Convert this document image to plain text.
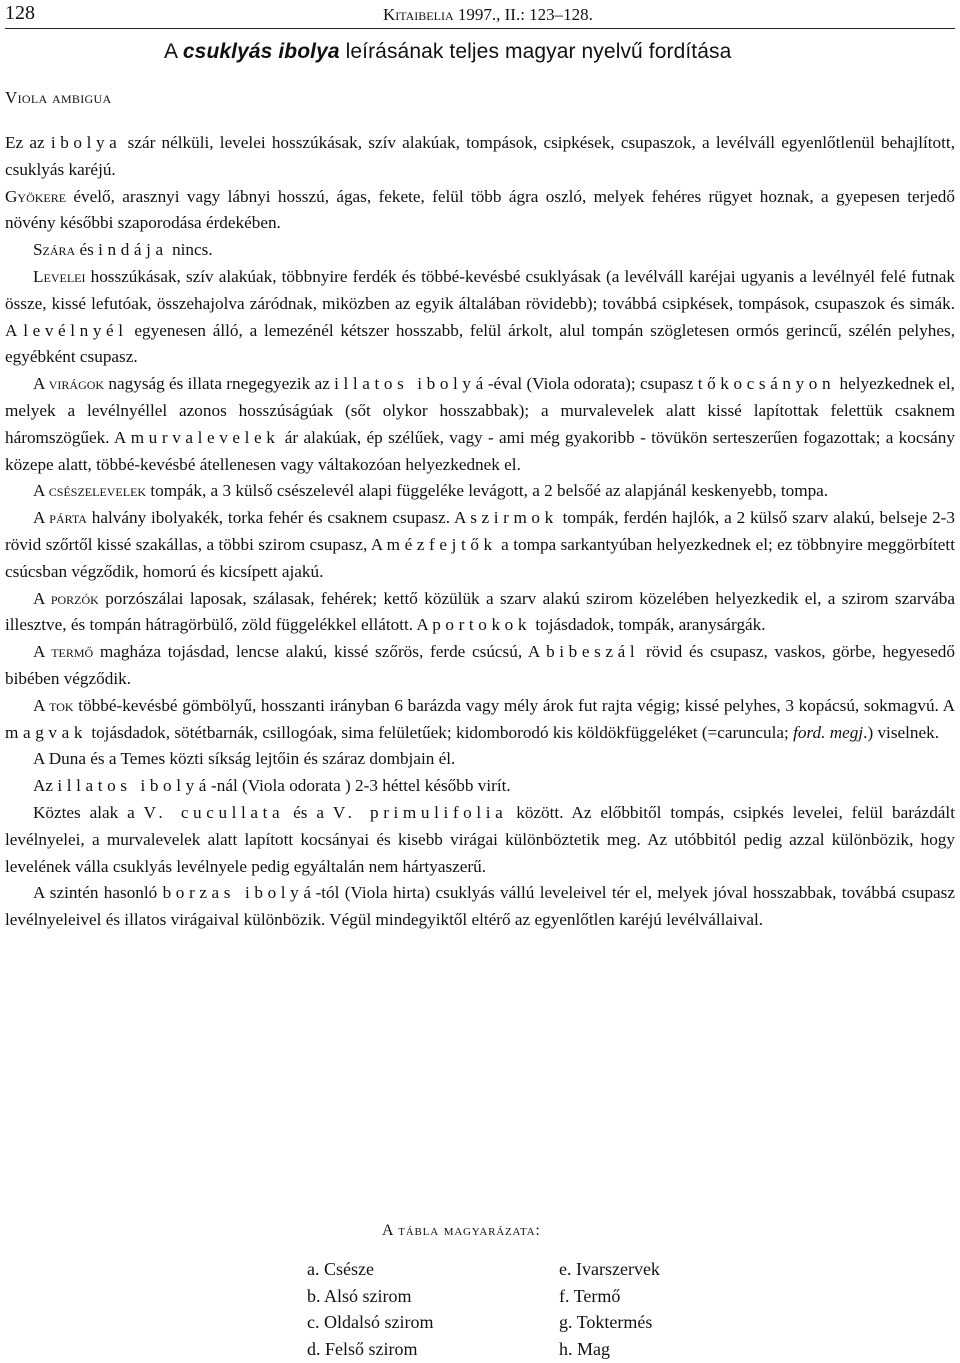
128	Kitaibelia 1997., II.: 123–128.
A csuklyás ibolya leírásának teljes magyar nyelvű fordítása
Viola ambigua

Ez az ibolya szár nélküli, levelei hosszúkásak, szív alakúak, tompások, csipkések, csupaszok, a levélváll egyenlőtlenül behajlított, csuklyás karéjú.

Gyökere évelő, arasznyi vagy lábnyi hosszú, ágas, fekete, felül több ágra oszló, melyek fehéres rügyet hoznak, a gyepesen terjedő növény későbbi szaporodása érdekében.

Szára és indája nincs.

Levelei hosszúkásak, szív alakúak, többnyire ferdék és többé-kevésbé csuklyásak (a levélváll karéjai ugyanis a levélnyél felé futnak össze, kissé lefutóak, összehajolva záródnak, miközben az egyik általában rövidebb); továbbá csipkések, tompások, csupaszok és simák. A levélnyél egyenesen álló, a lemezénél kétszer hosszabb, felül árkolt, alul tompán szögletesen ormós gerincű, szélén pelyhes, egyébként csupasz.

A virágok nagyság és illata rnegegyezik az illatos ibolyá-éval (Viola odorata); csupasz tőkocsányon helyezkednek el, melyek a levélnyéllel azonos hosszúságúak (sőt olykor hosszabbak); a murvalevelek alatt kissé lapítottak felettük csaknem háromszögűek. A murvalevelek ár alakúak, ép szélűek, vagy - ami még gyakoribb - tövükön serteszerűen fogazottak; a kocsány közepe alatt, többé-kevésbé átellenesen vagy váltakozóan helyezkednek el.

A csészelevelek tompák, a 3 külső csészelevél alapi függeléke levágott, a 2 belsőé az alapjánál keskenyebb, tompa.

A párta halvány ibolyakék, torka fehér és csaknem csupasz. A szirmok tompák, ferdén hajlók, a 2 külső szarv alakú, belseje 2-3 rövid szőrtől kissé szakállas, a többi szirom csupasz, A mézfejtők a tompa sarkantyúban helyezkednek el; ez többnyire meggörbített csúcsban végződik, homorú és kicsípett ajakú.

A porzók porzószálai laposak, szálasak, fehérek; kettő közülük a szarv alakú szirom közelében helyezkedik el, a szirom szarvába illesztve, és tompán hátragörbülő, zöld függelékkel ellátott. A portokok tojásdadok, tompák, aranysárgák.

A termő magháza tojásdad, lencse alakú, kissé szőrös, ferde csúcsú, A bibeszál rövid és csupasz, vaskos, görbe, hegyesedő bibében végződik.

A tok többé-kevésbé gömbölyű, hosszanti irányban 6 barázda vagy mély árok fut rajta végig; kissé pelyhes, 3 kopácsú, sokmagvú. A magvak tojásdadok, sötétbarnák, csillogóak, sima felületűek; kidomborodó kis köldökfüggeléket (=caruncula; ford. megj.) viselnek.

A Duna és a Temes közti síkság lejtőin és száraz dombjain él.

Az illatos ibolyá-nál (Viola odorata ) 2-3 héttel később virít.

Köztes alak a V. cucullata és a V. primulifolia között. Az előbbitől tompás, csipkés levelei, felül barázdált levélnyelei, a murvalevelek alatt lapított kocsányai és kisebb virágai különböztetik meg. Az utóbbitól pedig azzal különbözik, hogy levelének válla csuklyás levélnyele pedig egyáltalán nem hártyaszerű.

A szintén hasonló borzas ibolyá-tól (Viola hirta) csuklyás vállú leveleivel tér el, melyek jóval hosszabbak, továbbá csupasz levélnyeleivel és illatos virágaival különbözik. Végül mindegyiktől eltérő az egyenlőtlen karéjú levélvállaival.

A tábla magyarázata:
a. Csésze	e. Ivarszervek
b. Alsó szirom	f. Termő
c. Oldalsó szirom	g. Toktermés
d. Felső szirom	h. Mag
